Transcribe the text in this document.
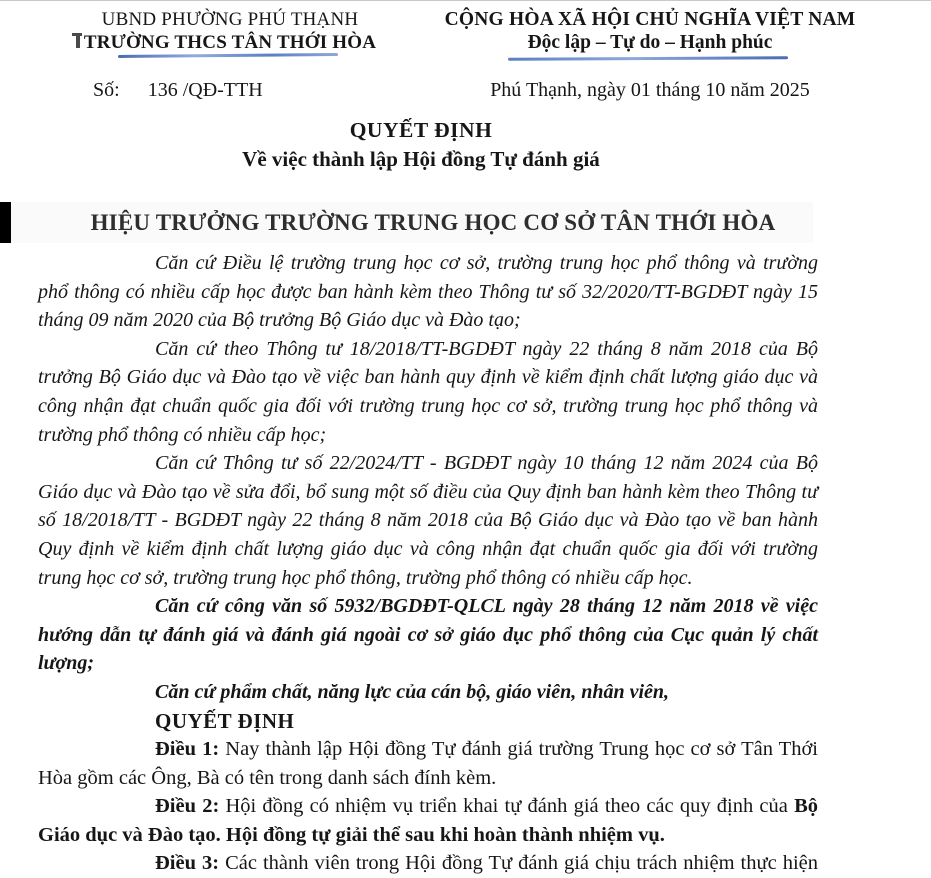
UBND PHƯỜNG PHÚ THẠNH
TRƯỜNG THCS TÂN THỚI HÒA
CỘNG HÒA XÃ HỘI CHỦ NGHĨA VIỆT NAM
Độc lập – Tự do – Hạnh phúc
Số: 136 /QĐ-TTH	Phú Thạnh, ngày 01 tháng 10 năm 2025
QUYẾT ĐỊNH
Về việc thành lập Hội đồng Tự đánh giá
HIỆU TRƯỞNG TRƯỜNG TRUNG HỌC CƠ SỞ TÂN THỚI HÒA

Căn cứ Điều lệ trường trung học cơ sở, trường trung học phổ thông và trường phổ thông có nhiều cấp học được ban hành kèm theo Thông tư số 32/2020/TT-BGDĐT ngày 15 tháng 09 năm 2020 của Bộ trưởng Bộ Giáo dục và Đào tạo;

Căn cứ theo Thông tư 18/2018/TT-BGDĐT ngày 22 tháng 8 năm 2018 của Bộ trưởng Bộ Giáo dục và Đào tạo về việc ban hành quy định về kiểm định chất lượng giáo dục và công nhận đạt chuẩn quốc gia đối với trường trung học cơ sở, trường trung học phổ thông và trường phổ thông có nhiều cấp học;

Căn cứ Thông tư số 22/2024/TT - BGDĐT ngày 10 tháng 12 năm 2024 của Bộ Giáo dục và Đào tạo về sửa đổi, bổ sung một số điều của Quy định ban hành kèm theo Thông tư số 18/2018/TT - BGDĐT ngày 22 tháng 8 năm 2018 của Bộ Giáo dục và Đào tạo về ban hành Quy định về kiểm định chất lượng giáo dục và công nhận đạt chuẩn quốc gia đối với trường trung học cơ sở, trường trung học phổ thông, trường phổ thông có nhiều cấp học.

Căn cứ công văn số 5932/BGDĐT-QLCL ngày 28 tháng 12 năm 2018 về việc hướng dẫn tự đánh giá và đánh giá ngoài cơ sở giáo dục phổ thông của Cục quản lý chất lượng;

Căn cứ phẩm chất, năng lực của cán bộ, giáo viên, nhân viên,

QUYẾT ĐỊNH

Điều 1: Nay thành lập Hội đồng Tự đánh giá trường Trung học cơ sở Tân Thới Hòa gồm các Ông, Bà có tên trong danh sách đính kèm.

Điều 2: Hội đồng có nhiệm vụ triển khai tự đánh giá theo các quy định của Bộ Giáo dục và Đào tạo. Hội đồng tự giải thể sau khi hoàn thành nhiệm vụ.

Điều 3: Các thành viên trong Hội đồng Tự đánh giá chịu trách nhiệm thực hiện
